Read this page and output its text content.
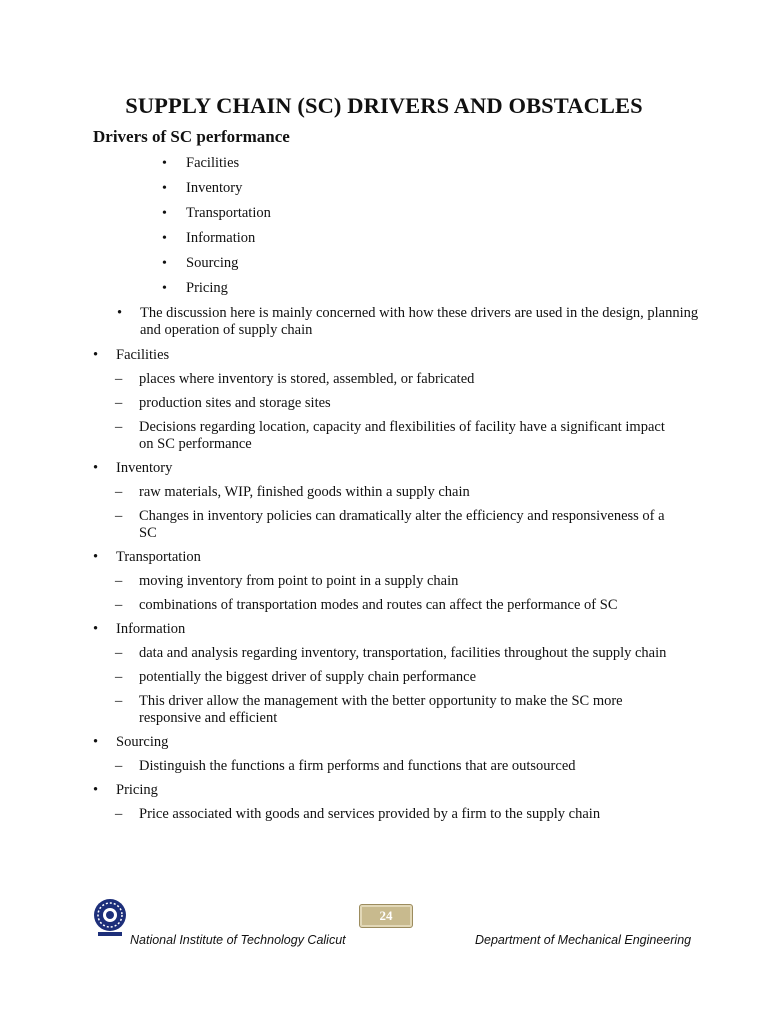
SUPPLY CHAIN (SC) DRIVERS AND OBSTACLES
Drivers of SC performance
• Facilities
• Inventory
• Transportation
• Information
• Sourcing
• Pricing
• The discussion here is mainly concerned with how these drivers are used in the design, planning and operation of supply chain
• Facilities
– places where inventory is stored, assembled, or fabricated
– production sites and storage sites
– Decisions regarding location, capacity and flexibilities of facility have a significant impact on SC performance
• Inventory
– raw materials, WIP, finished goods within a supply chain
– Changes in inventory policies can dramatically alter the efficiency and responsiveness of a SC
• Transportation
– moving inventory from point to point in a supply chain
– combinations of transportation modes and routes can affect the performance of SC
• Information
– data and analysis regarding inventory, transportation, facilities throughout the supply chain
– potentially the biggest driver of supply chain performance
– This driver allow the management with the better opportunity to make the SC more responsive and efficient
• Sourcing
– Distinguish the functions a firm performs and functions that are outsourced
• Pricing
– Price associated with goods and services provided by a firm to the supply chain
24
National Institute of Technology Calicut	Department of Mechanical Engineering
